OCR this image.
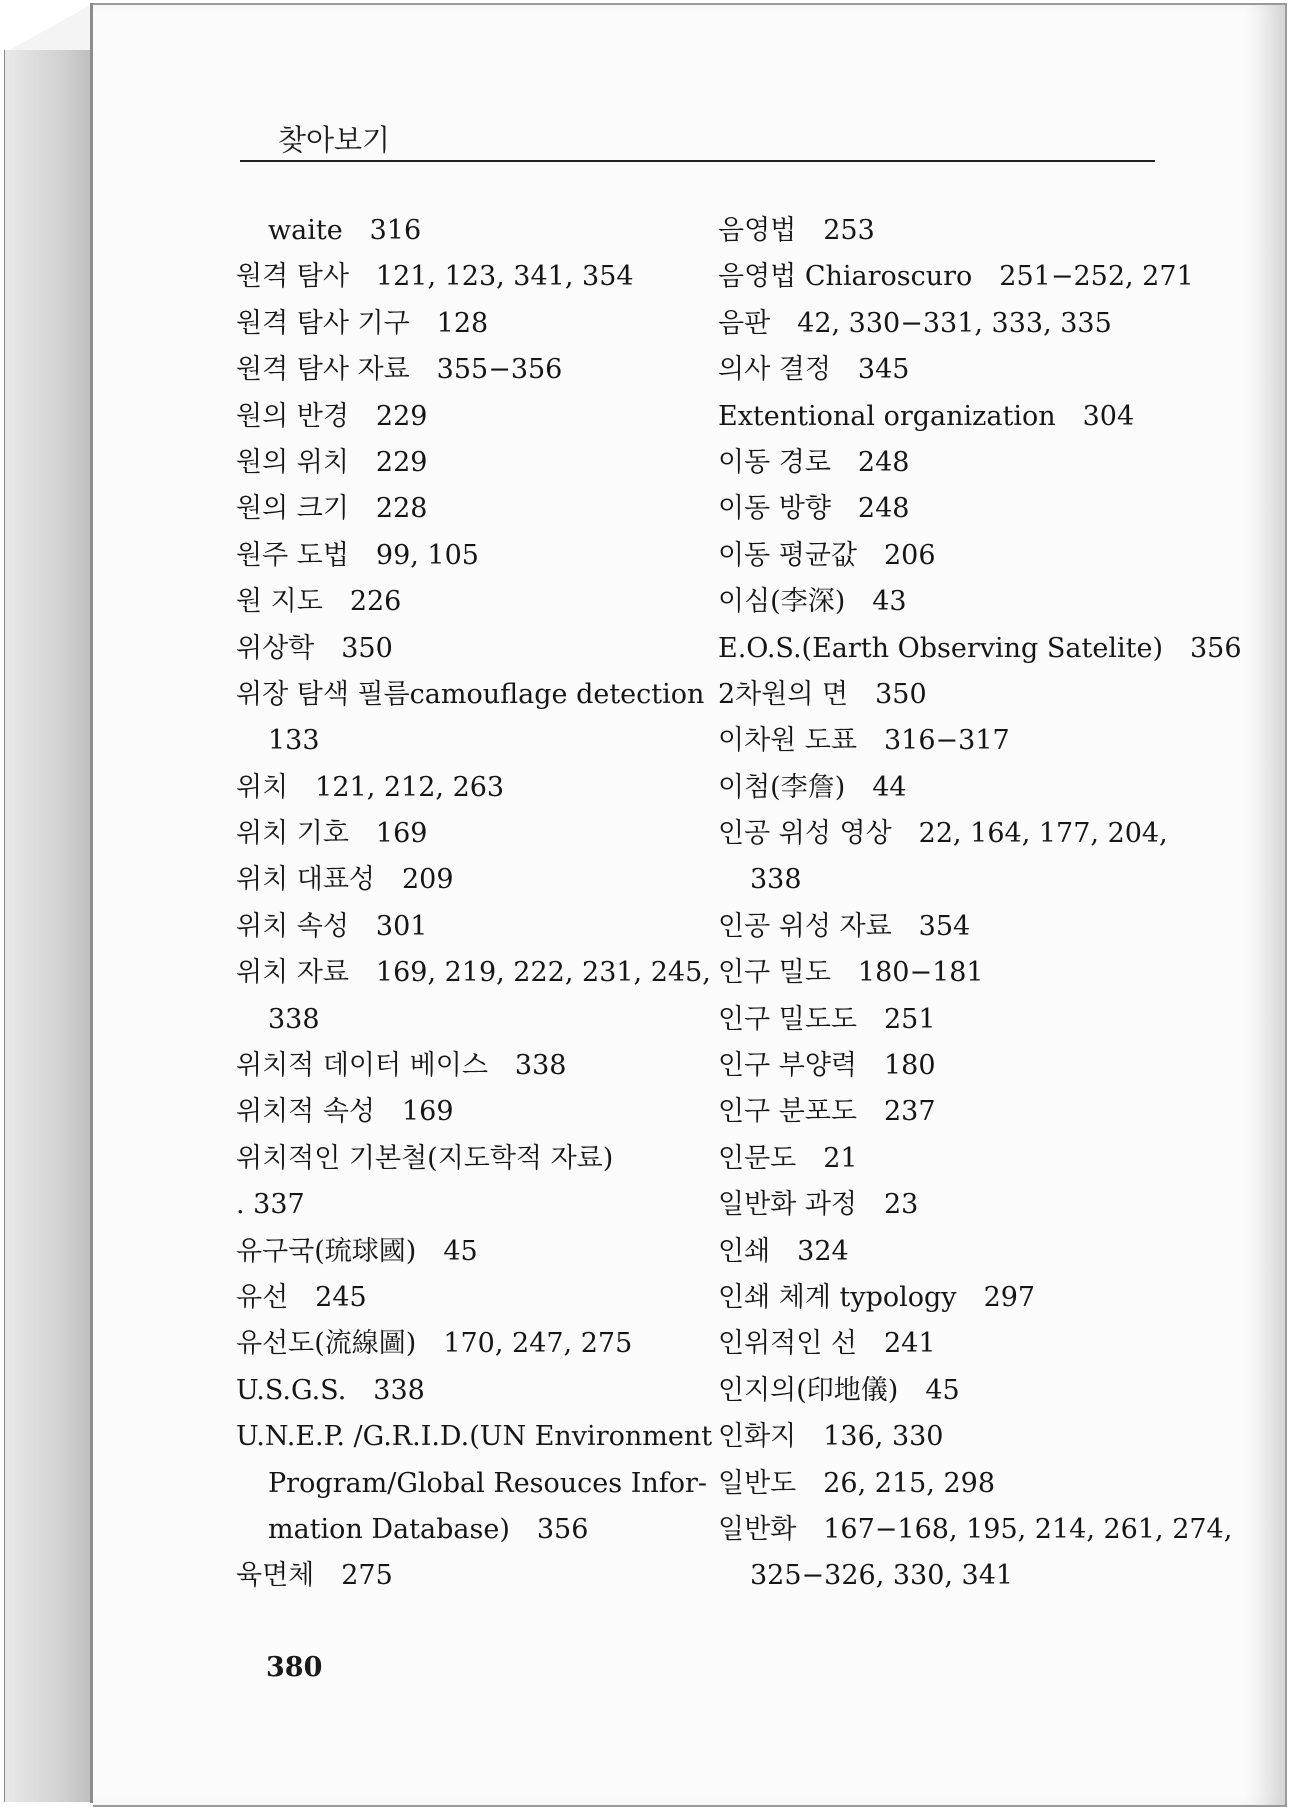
찾아보기
waite　316
원격 탐사　121, 123, 341, 354
원격 탐사 기구　128
원격 탐사 자료　355−356
원의 반경　229
원의 위치　229
원의 크기　228
원주 도법　99, 105
원 지도　226
위상학　350
위장 탐색 필름camouflage detection
133
위치　121, 212, 263
위치 기호　169
위치 대표성　209
위치 속성　301
위치 자료　169, 219, 222, 231, 245,
338
위치적 데이터 베이스　338
위치적 속성　169
위치적인 기본철(지도학적 자료)
. 337
유구국(琉球國)　45
유선　245
유선도(流線圖)　170, 247, 275
U.S.G.S.　338
U.N.E.P. /G.R.I.D.(UN Environment
Program/Global Resouces Infor-
mation Database)　356
육면체　275
음영법　253
음영법 Chiaroscuro　251−252, 271
음판　42, 330−331, 333, 335
의사 결정　345
Extentional organization　304
이동 경로　248
이동 방향　248
이동 평균값　206
이심(李深)　43
E.O.S.(Earth Observing Satelite)　356
2차원의 면　350
이차원 도표　316−317
이첨(李詹)　44
인공 위성 영상　22, 164, 177, 204,
338
인공 위성 자료　354
인구 밀도　180−181
인구 밀도도　251
인구 부양력　180
인구 분포도　237
인문도　21
일반화 과정　23
인쇄　324
인쇄 체계 typology　297
인위적인 선　241
인지의(印地儀)　45
인화지　136, 330
일반도　26, 215, 298
일반화　167−168, 195, 214, 261, 274,
325−326, 330, 341
380
